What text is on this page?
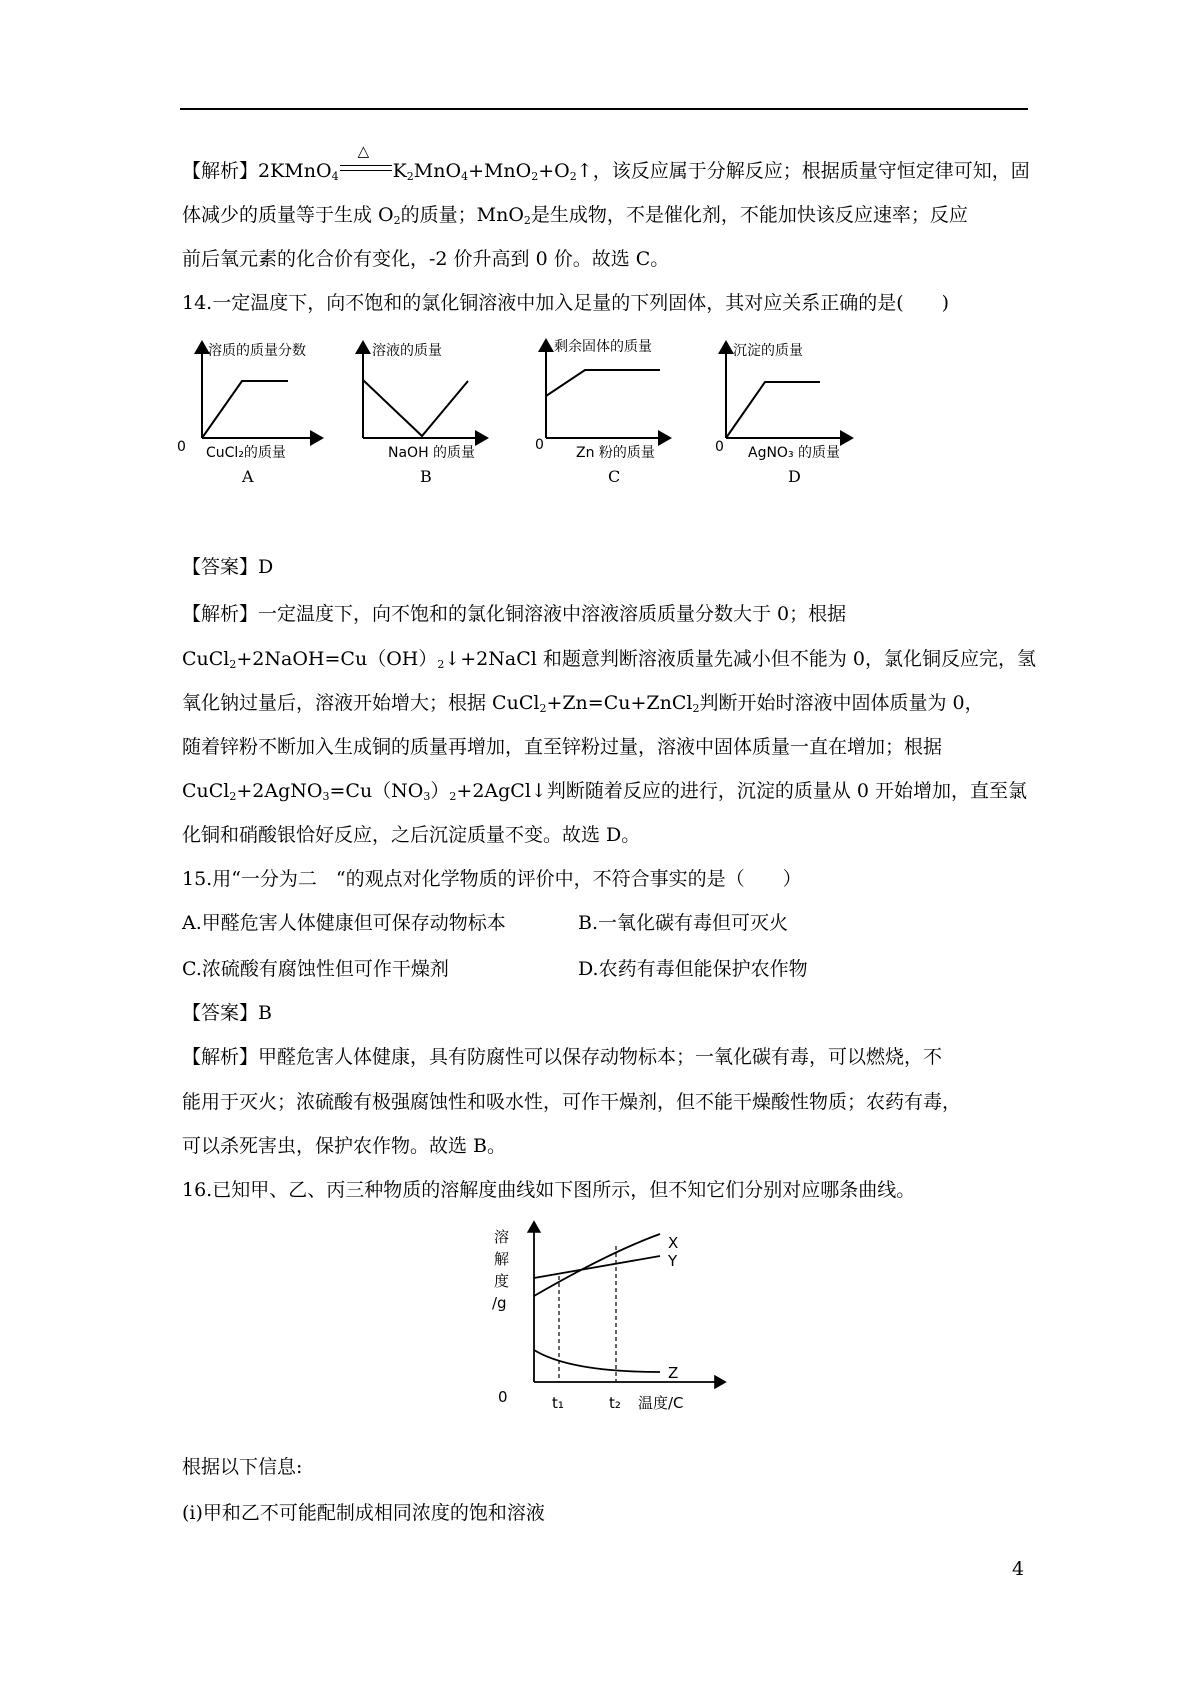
【解析】2KMnO$_4$
△
$K_2MnO_4+MnO_2+O_2↑$，该反应属于分解反应；根据质量守恒定律可知，固
体减少的质量等于生成 $O_2$的质量；MnO$_2$是生成物，不是催化剂，不能加快该反应速率；反应
前后氧元素的化合价有变化，-2 价升高到 0 价。故选 C。
14.一定温度下，向不饱和的氯化铜溶液中加入足量的下列固体，其对应关系正确的是(　　)
溶质的质量分数
0 CuCl₂的质量
A
溶液的质量
NaOH 的质量
B
剩余固体的质量
0 Zn 粉的质量
C
沉淀的质量
0 AgNO₃ 的质量
D
【答案】D
【解析】一定温度下，向不饱和的氯化铜溶液中溶液溶质质量分数大于 0；根据
$CuCl_2+2NaOH=Cu(OH)_2↓+2NaCl$ 和题意判断溶液质量先减小但不能为 0，氯化铜反应完，氢
氧化钠过量后，溶液开始增大；根据 CuCl$_2$+Zn=Cu+ZnCl$_2$判断开始时溶液中固体质量为 0，
随着锌粉不断加入生成铜的质量再增加，直至锌粉过量，溶液中固体质量一直在增加；根据
$CuCl_2+2AgNO_3=Cu(NO_3)_2+2AgCl↓$判断随着反应的进行，沉淀的质量从 0 开始增加，直至氯
化铜和硝酸银恰好反应，之后沉淀质量不变。故选 D。
15.用“一分为二　“的观点对化学物质的评价中，不符合事实的是（　　）
A.甲醛危害人体健康但可保存动物标本	B.一氧化碳有毒但可灭火
C.浓硫酸有腐蚀性但可作干燥剂	D.农药有毒但能保护农作物
【答案】B
【解析】甲醛危害人体健康，具有防腐性可以保存动物标本；一氧化碳有毒，可以燃烧，不
能用于灭火；浓硫酸有极强腐蚀性和吸水性，可作干燥剂，但不能干燥酸性物质；农药有毒，
可以杀死害虫，保护农作物。故选 B。
16.已知甲、乙、丙三种物质的溶解度曲线如下图所示，但不知它们分别对应哪条曲线。
溶
解
度
/g
0	t₁	t₂ 温度/C
X
Y
Z
根据以下信息:
(ⅰ)甲和乙不可能配制成相同浓度的饱和溶液
4
